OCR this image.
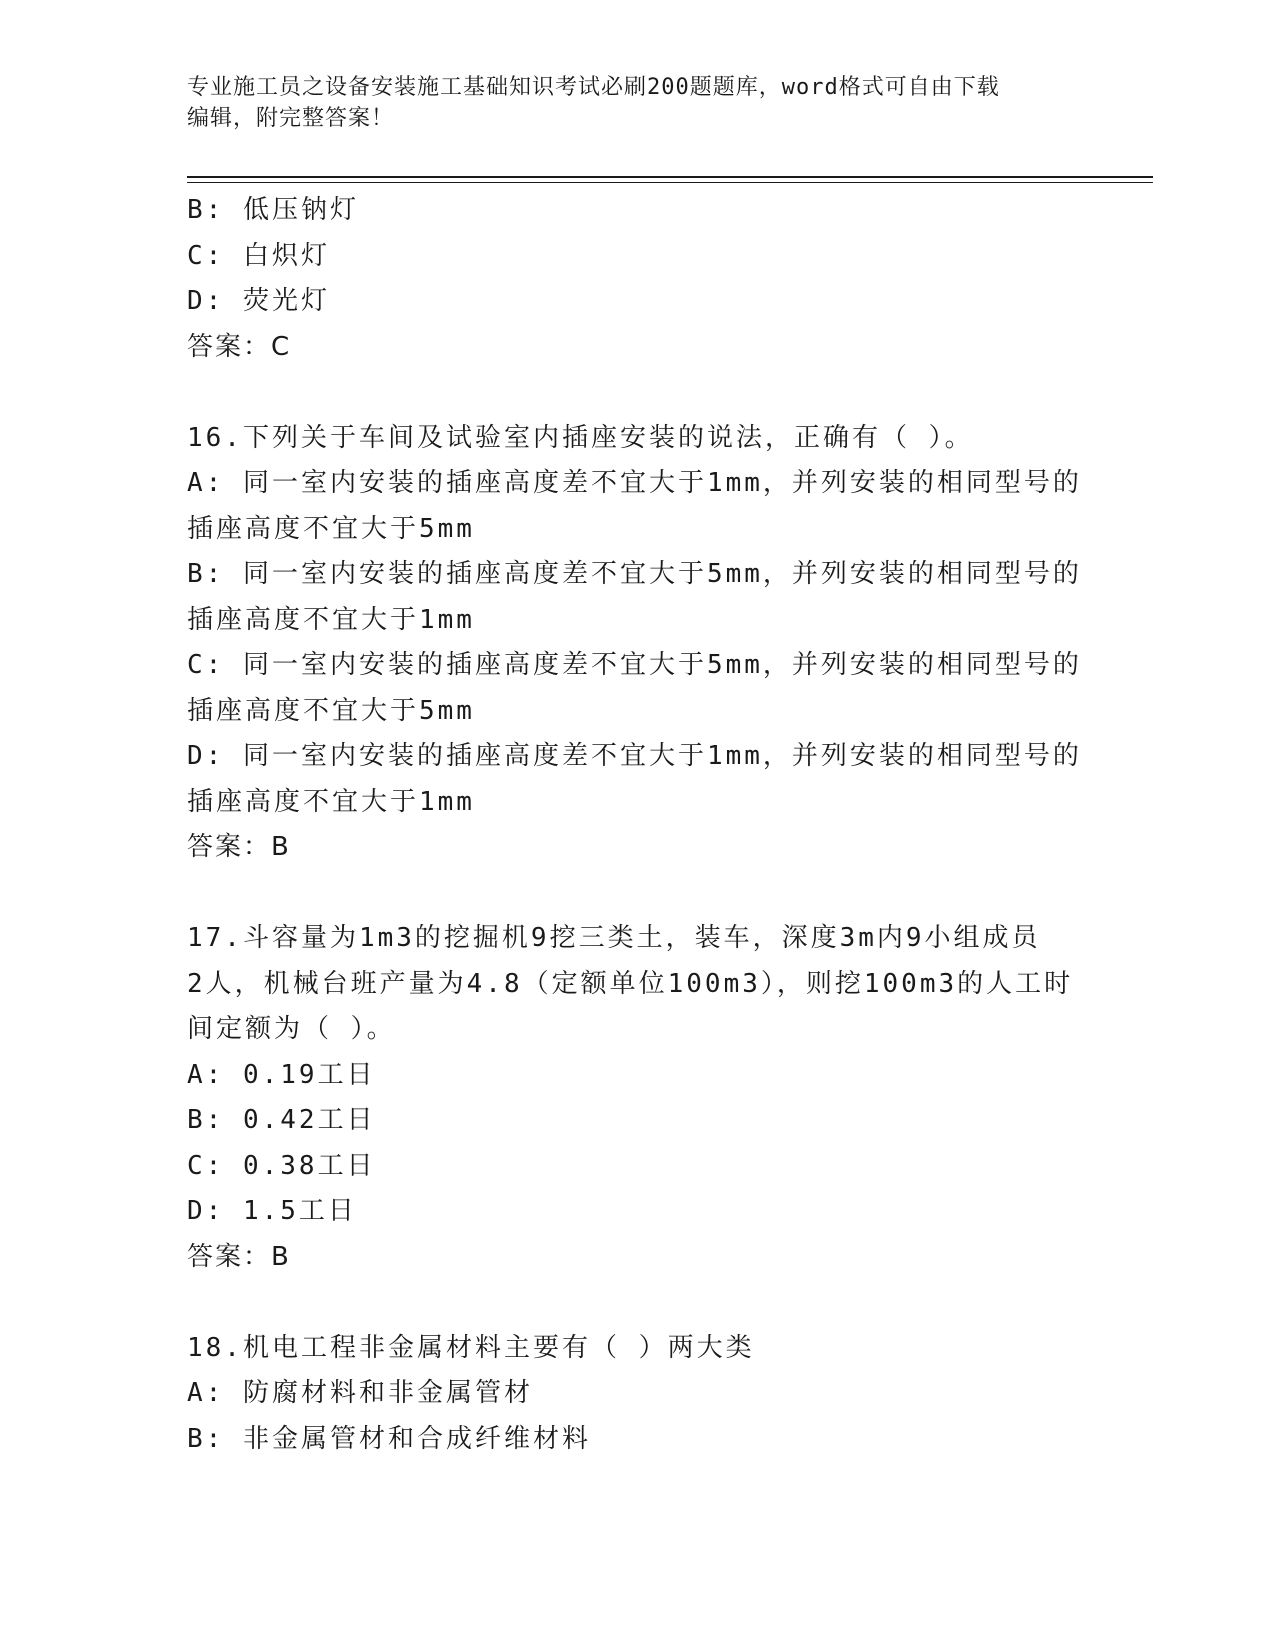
专业施工员之设备安装施工基础知识考试必刷200题题库，word格式可自由下载
编辑，附完整答案！
B: 低压钠灯
C: 白炽灯
D: 荧光灯
答案：C
16.下列关于车间及试验室内插座安装的说法，正确有（ ）。
A: 同一室内安装的插座高度差不宜大于1mm，并列安装的相同型号的
插座高度不宜大于5mm
B: 同一室内安装的插座高度差不宜大于5mm，并列安装的相同型号的
插座高度不宜大于1mm
C: 同一室内安装的插座高度差不宜大于5mm，并列安装的相同型号的
插座高度不宜大于5mm
D: 同一室内安装的插座高度差不宜大于1mm，并列安装的相同型号的
插座高度不宜大于1mm
答案：B
17.斗容量为1m3的挖掘机9挖三类土，装车，深度3m内9小组成员
2人，机械台班产量为4.8（定额单位100m3），则挖100m3的人工时
间定额为（ ）。
A: 0.19工日
B: 0.42工日
C: 0.38工日
D: 1.5工日
答案：B
18.机电工程非金属材料主要有（ ）两大类
A: 防腐材料和非金属管材
B: 非金属管材和合成纤维材料
